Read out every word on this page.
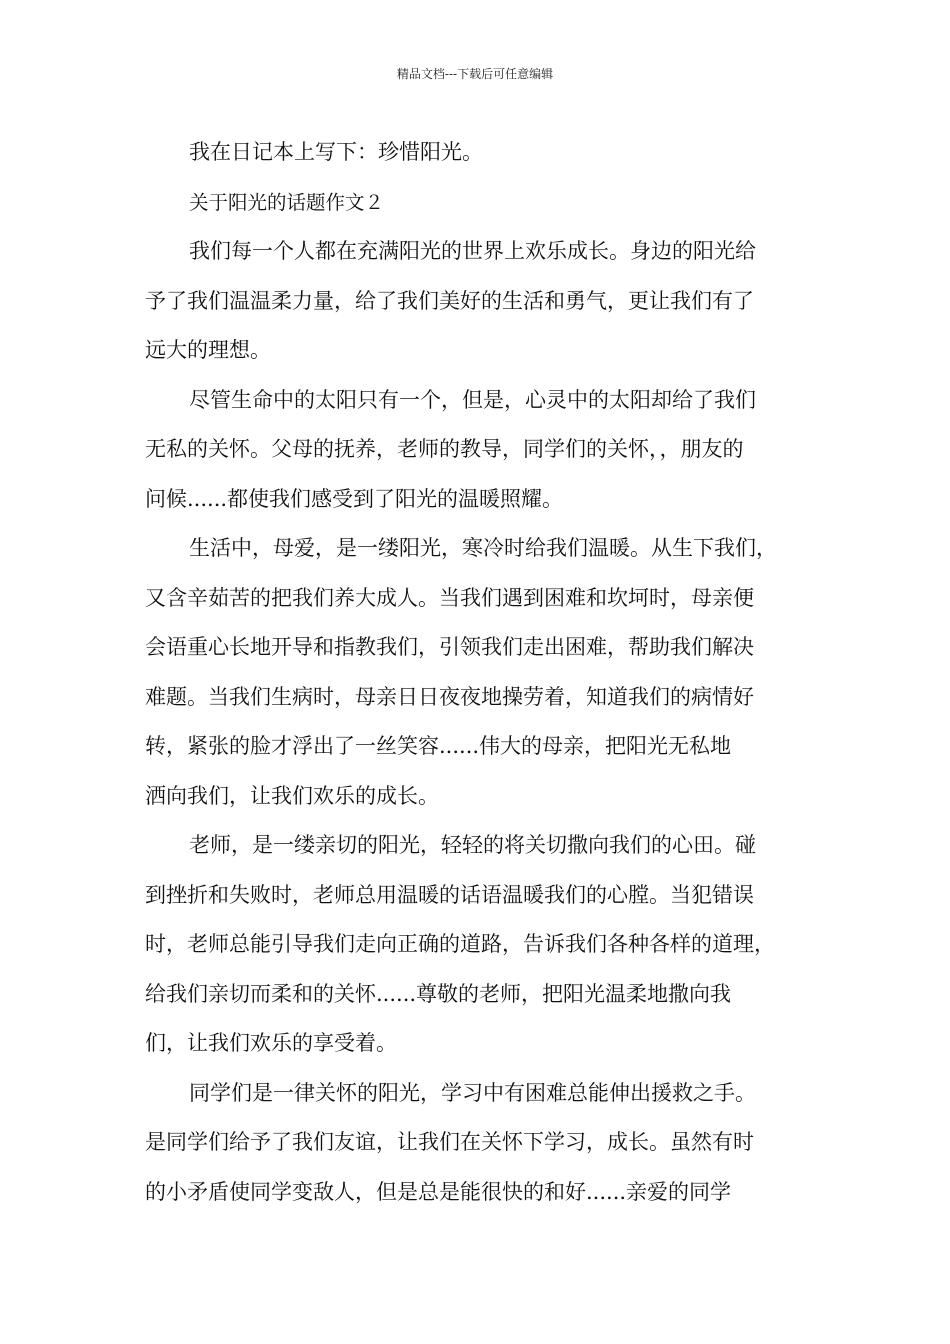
精品文档---下载后可任意编辑
我在日记本上写下：珍惜阳光。
关于阳光的话题作文２
我们每一个人都在充满阳光的世界上欢乐成长。身边的阳光给
予了我们温温柔力量，给了我们美好的生活和勇气，更让我们有了
远大的理想。
尽管生命中的太阳只有一个，但是，心灵中的太阳却给了我们
无私的关怀。父母的抚养，老师的教导，同学们的关怀，，朋友的
问候......都使我们感受到了阳光的温暖照耀。
生活中，母爱，是一缕阳光，寒冷时给我们温暖。从生下我们，
又含辛茹苦的把我们养大成人。当我们遇到困难和坎坷时，母亲便
会语重心长地开导和指教我们，引领我们走出困难，帮助我们解决
难题。当我们生病时，母亲日日夜夜地操劳着，知道我们的病情好
转，紧张的脸才浮出了一丝笑容......伟大的母亲，把阳光无私地
洒向我们，让我们欢乐的成长。
老师，是一缕亲切的阳光，轻轻的将关切撒向我们的心田。碰
到挫折和失败时，老师总用温暖的话语温暖我们的心膛。当犯错误
时，老师总能引导我们走向正确的道路，告诉我们各种各样的道理，
给我们亲切而柔和的关怀......尊敬的老师，把阳光温柔地撒向我
们，让我们欢乐的享受着。
同学们是一律关怀的阳光，学习中有困难总能伸出援救之手。
是同学们给予了我们友谊，让我们在关怀下学习，成长。虽然有时
的小矛盾使同学变敌人，但是总是能很快的和好......亲爱的同学
